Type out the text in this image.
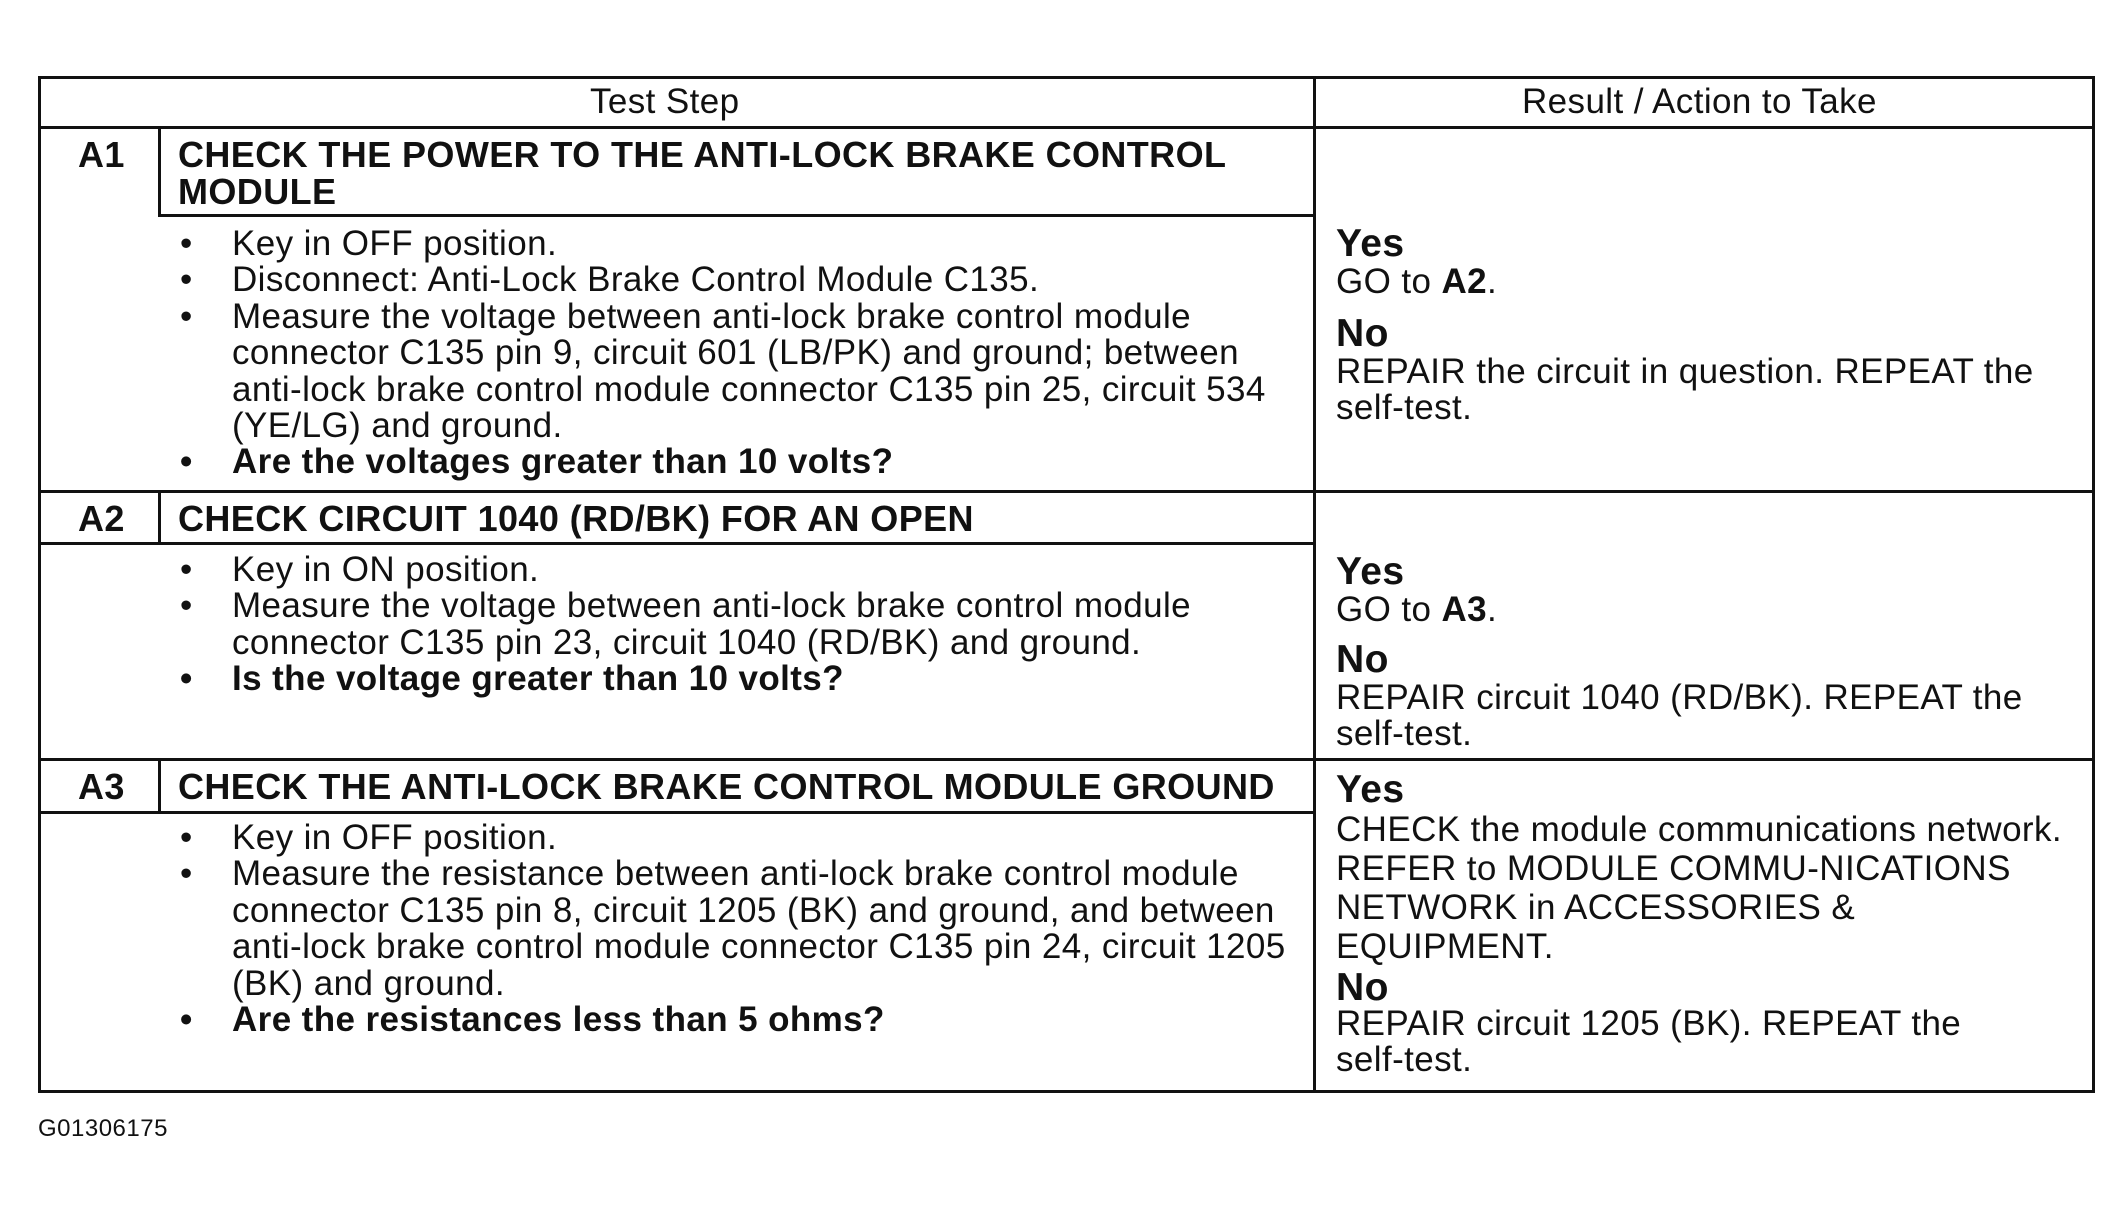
Test Step	Result / Action to Take
A1 CHECK THE POWER TO THE ANTI-LOCK BRAKE CONTROL MODULE
• Key in OFF position.
• Disconnect: Anti-Lock Brake Control Module C135.
• Measure the voltage between anti-lock brake control module connector C135 pin 9, circuit 601 (LB/PK) and ground; between anti-lock brake control module connector C135 pin 25, circuit 534 (YE/LG) and ground.
• Are the voltages greater than 10 volts?
Yes
GO to A2.
No
REPAIR the circuit in question. REPEAT the self-test.
A2 CHECK CIRCUIT 1040 (RD/BK) FOR AN OPEN
• Key in ON position.
• Measure the voltage between anti-lock brake control module connector C135 pin 23, circuit 1040 (RD/BK) and ground.
• Is the voltage greater than 10 volts?
Yes
GO to A3.
No
REPAIR circuit 1040 (RD/BK). REPEAT the self-test.
A3 CHECK THE ANTI-LOCK BRAKE CONTROL MODULE GROUND
• Key in OFF position.
• Measure the resistance between anti-lock brake control module connector C135 pin 8, circuit 1205 (BK) and ground, and between anti-lock brake control module connector C135 pin 24, circuit 1205 (BK) and ground.
• Are the resistances less than 5 ohms?
Yes
CHECK the module communications network. REFER to MODULE COMMU-NICATIONS NETWORK in ACCESSORIES & EQUIPMENT.
No
REPAIR circuit 1205 (BK). REPEAT the self-test.
G01306175
